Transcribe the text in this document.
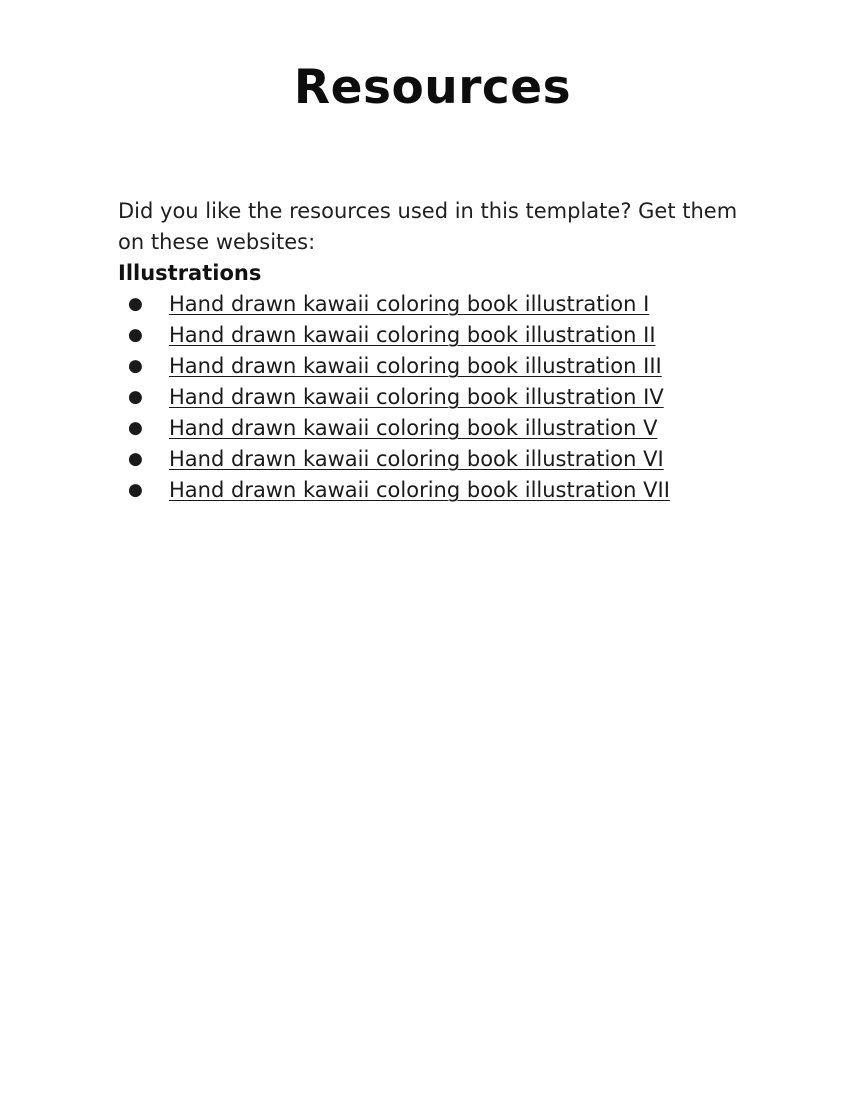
Resources

Did you like the resources used in this template? Get them on these websites:

Illustrations
● Hand drawn kawaii coloring book illustration I
● Hand drawn kawaii coloring book illustration II
● Hand drawn kawaii coloring book illustration III
● Hand drawn kawaii coloring book illustration IV
● Hand drawn kawaii coloring book illustration V
● Hand drawn kawaii coloring book illustration VI
● Hand drawn kawaii coloring book illustration VII
